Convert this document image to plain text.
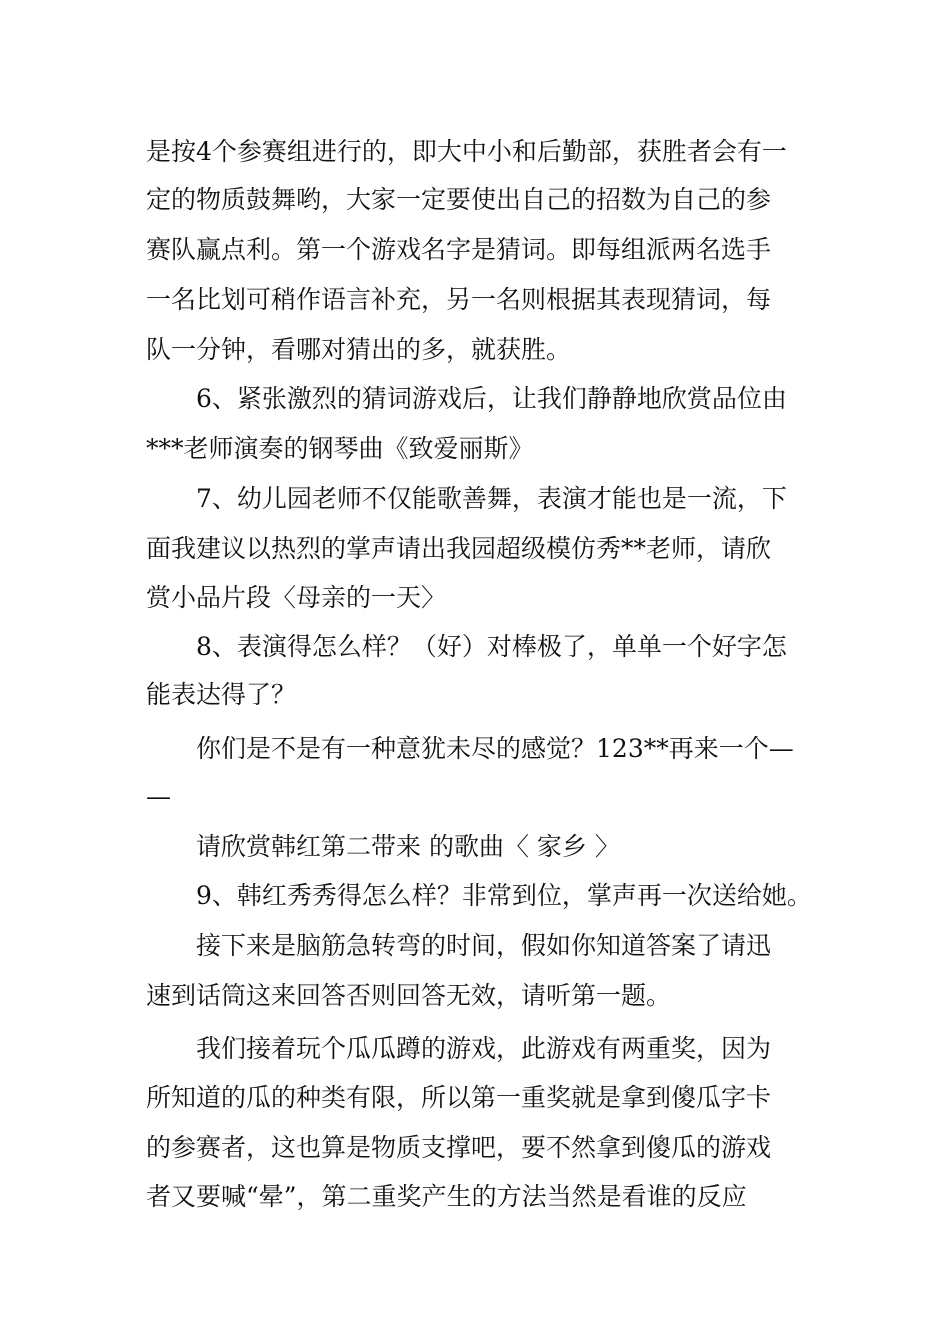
是按4个参赛组进行的，即大中小和后勤部，获胜者会有一
定的物质鼓舞哟，大家一定要使出自己的招数为自己的参
赛队赢点利。第一个游戏名字是猜词。即每组派两名选手
一名比划可稍作语言补充，另一名则根据其表现猜词，每
队一分钟，看哪对猜出的多，就获胜。
6、紧张激烈的猜词游戏后，让我们静静地欣赏品位由
***老师演奏的钢琴曲《致爱丽斯》
7、幼儿园老师不仅能歌善舞，表演才能也是一流，下
面我建议以热烈的掌声请出我园超级模仿秀**老师，请欣
赏小品片段〈母亲的一天〉
8、表演得怎么样？（好）对棒极了，单单一个好字怎
能表达得了？
你们是不是有一种意犹未尽的感觉？123**再来一个—
—
请欣赏韩红第二带来 的歌曲〈 家乡 〉
9、韩红秀秀得怎么样？非常到位，掌声再一次送给她。
接下来是脑筋急转弯的时间，假如你知道答案了请迅
速到话筒这来回答否则回答无效，请听第一题。
我们接着玩个瓜瓜蹲的游戏，此游戏有两重奖，因为
所知道的瓜的种类有限，所以第一重奖就是拿到傻瓜字卡
的参赛者，这也算是物质支撑吧，要不然拿到傻瓜的游戏
者又要喊“晕”，第二重奖产生的方法当然是看谁的反应
